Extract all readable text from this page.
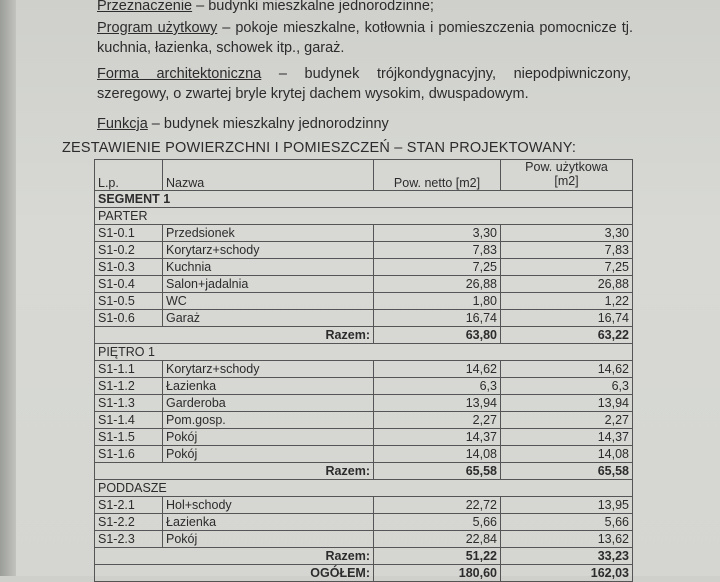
Przeznaczenie – budynki mieszkalne jednorodzinne;
Program użytkowy – pokoje mieszkalne, kotłownia i pomieszczenia pomocnicze tj. kuchnia, łazienka, schowek itp., garaż.
Forma architektoniczna – budynek trójkondygnacyjny, niepodpiwniczony, szeregowy, o zwartej bryle krytej dachem wysokim, dwuspadowym.
Funkcja – budynek mieszkalny jednorodzinny
ZESTAWIENIE POWIERZCHNI I POMIESZCZEŃ – STAN PROJEKTOWANY:
L.p.	Nazwa	Pow. netto [m2]	Pow. użytkowa
[m2]
SEGMENT 1			
PARTER			
S1-0.1	Przedsionek	3,30	3,30
S1-0.2	Korytarz+schody	7,83	7,83
S1-0.3	Kuchnia	7,25	7,25
S1-0.4	Salon+jadalnia	26,88	26,88
S1-0.5	WC	1,80	1,22
S1-0.6	Garaż	16,74	16,74
Razem:		63,80	63,22
PIĘTRO 1			
S1-1.1	Korytarz+schody	14,62	14,62
S1-1.2	Łazienka	6,3	6,3
S1-1.3	Garderoba	13,94	13,94
S1-1.4	Pom.gosp.	2,27	2,27
S1-1.5	Pokój	14,37	14,37
S1-1.6	Pokój	14,08	14,08
Razem:		65,58	65,58
PODDASZE			
S1-2.1	Hol+schody	22,72	13,95
S1-2.2	Łazienka	5,66	5,66
S1-2.3	Pokój	22,84	13,62
Razem:		51,22	33,23
OGÓŁEM:		180,60	162,03
